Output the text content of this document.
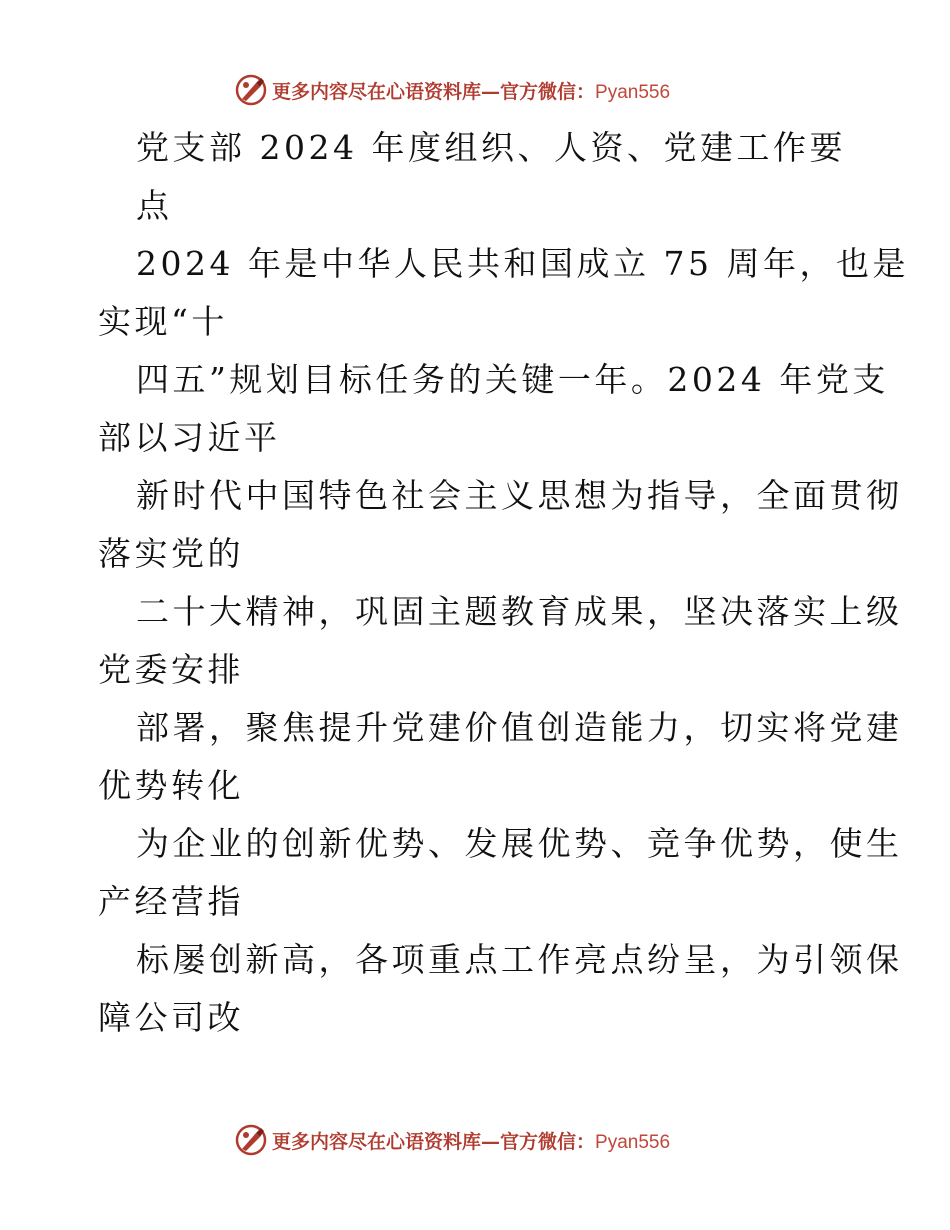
更多内容尽在心语资料库—官方微信：Pyan556
党支部 2024 年度组织、人资、党建工作要
点
2024 年是中华人民共和国成立 75 周年，也是
实现“十
四五”规划目标任务的关键一年。2024 年党支
部以习近平
新时代中国特色社会主义思想为指导，全面贯彻
落实党的
二十大精神，巩固主题教育成果，坚决落实上级
党委安排
部署，聚焦提升党建价值创造能力，切实将党建
优势转化
为企业的创新优势、发展优势、竞争优势，使生
产经营指
标屡创新高，各项重点工作亮点纷呈，为引领保
障公司改
更多内容尽在心语资料库—官方微信：Pyan556
